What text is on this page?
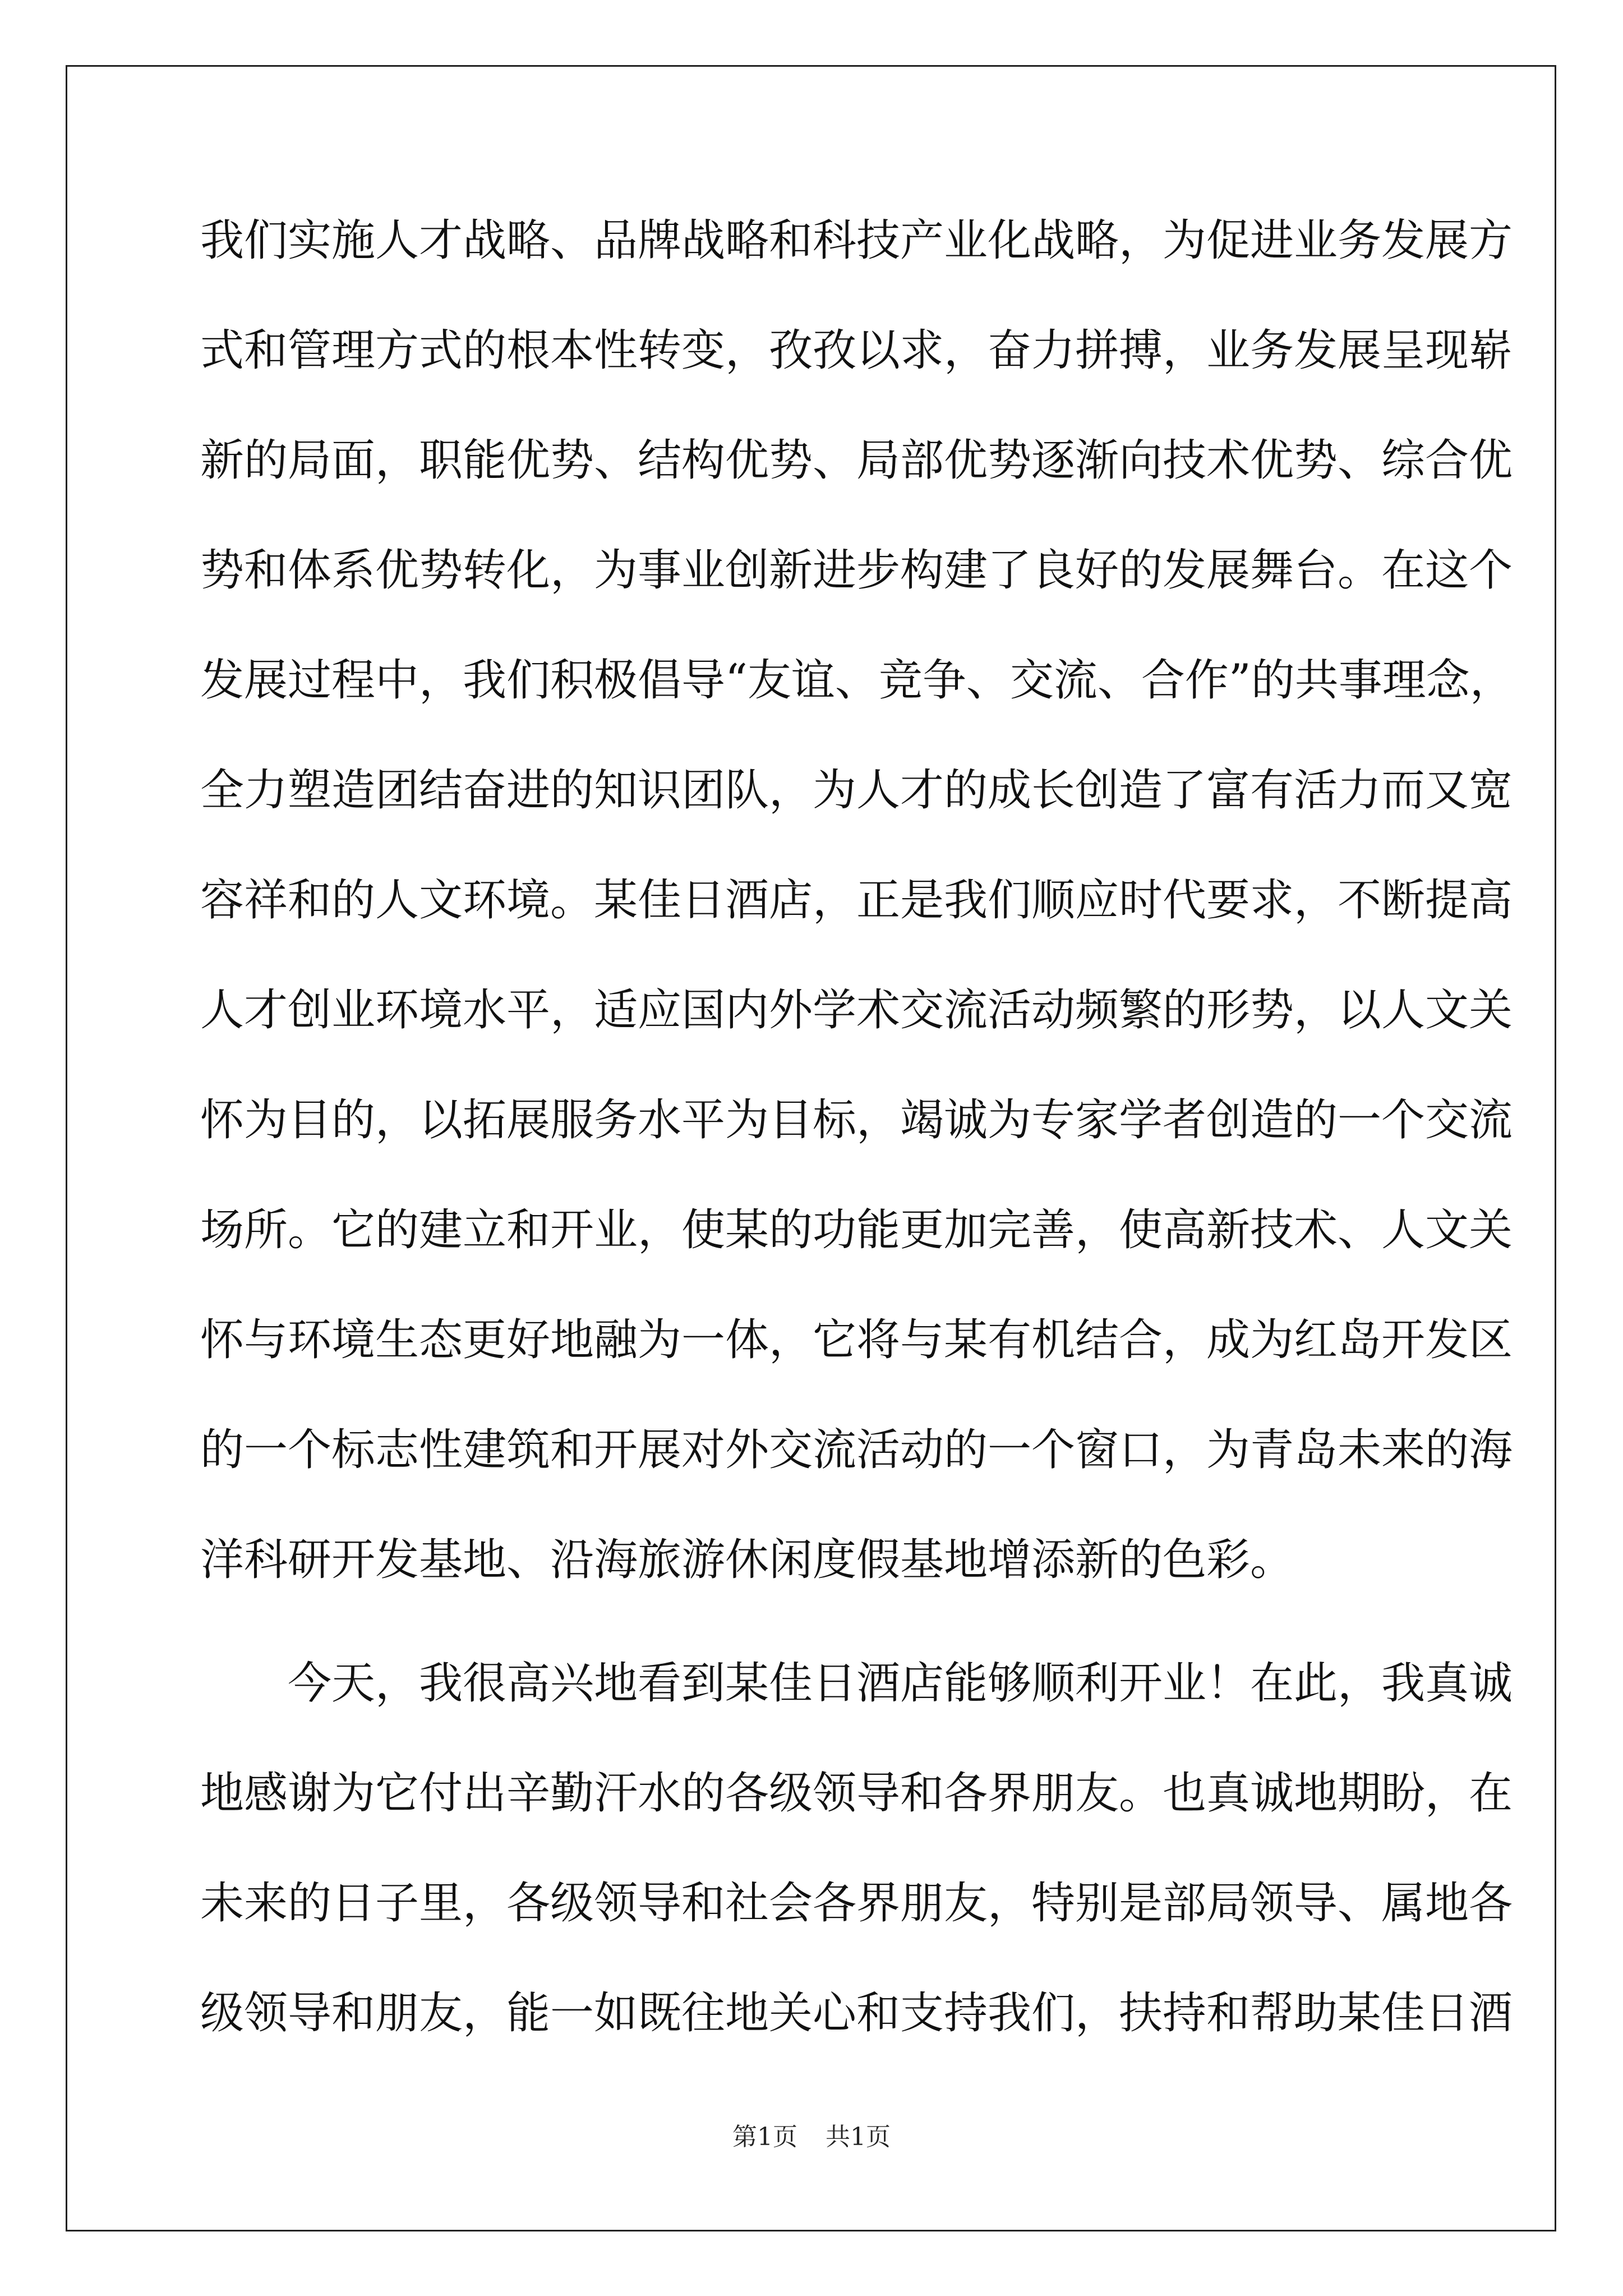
我们实施人才战略、品牌战略和科技产业化战略，为促进业务发展方
式和管理方式的根本性转变，孜孜以求，奋力拼搏，业务发展呈现崭
新的局面，职能优势、结构优势、局部优势逐渐向技术优势、综合优
势和体系优势转化，为事业创新进步构建了良好的发展舞台。在这个
发展过程中，我们积极倡导“友谊、竞争、交流、合作”的共事理念，
全力塑造团结奋进的知识团队，为人才的成长创造了富有活力而又宽
容祥和的人文环境。某佳日酒店，正是我们顺应时代要求，不断提高
人才创业环境水平，适应国内外学术交流活动频繁的形势，以人文关
怀为目的，以拓展服务水平为目标，竭诚为专家学者创造的一个交流
场所。它的建立和开业，使某的功能更加完善，使高新技术、人文关
怀与环境生态更好地融为一体，它将与某有机结合，成为红岛开发区
的一个标志性建筑和开展对外交流活动的一个窗口，为青岛未来的海
洋科研开发基地、沿海旅游休闲度假基地增添新的色彩。
　　今天，我很高兴地看到某佳日酒店能够顺利开业！在此，我真诚
地感谢为它付出辛勤汗水的各级领导和各界朋友。也真诚地期盼，在
未来的日子里，各级领导和社会各界朋友，特别是部局领导、属地各
级领导和朋友，能一如既往地关心和支持我们，扶持和帮助某佳日酒
第1页 共1页
